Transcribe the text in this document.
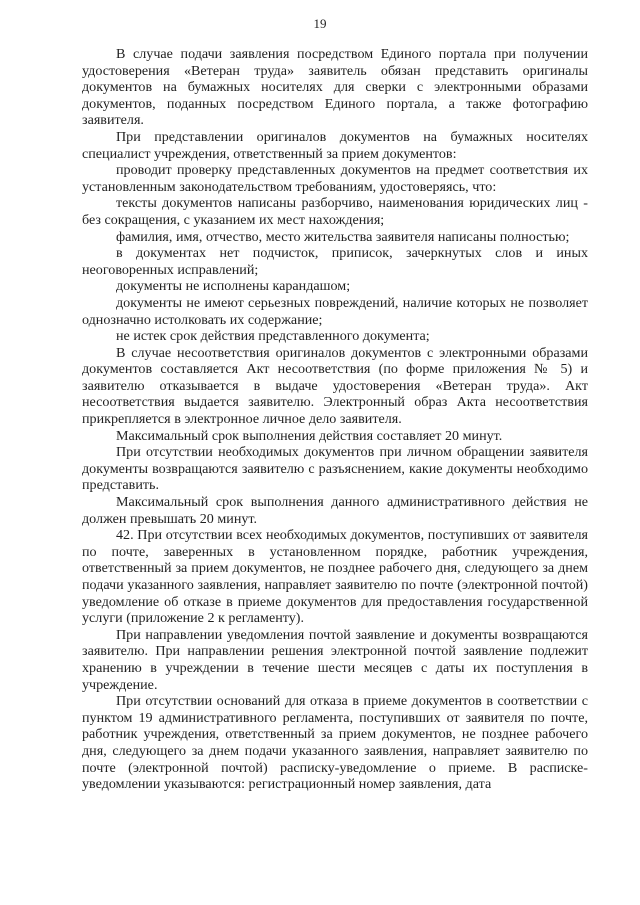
19

В случае подачи заявления посредством Единого портала при получении удостоверения «Ветеран труда» заявитель обязан представить оригиналы документов на бумажных носителях для сверки с электронными образами документов, поданных посредством Единого портала, а также фотографию заявителя.

При представлении оригиналов документов на бумажных носителях специалист учреждения, ответственный за прием документов:

проводит проверку представленных документов на предмет соответствия их установленным законодательством требованиям, удостоверяясь, что:

тексты документов написаны разборчиво, наименования юридических лиц - без сокращения, с указанием их мест нахождения;

фамилия, имя, отчество, место жительства заявителя написаны полностью;

в документах нет подчисток, приписок, зачеркнутых слов и иных неоговоренных исправлений;

документы не исполнены карандашом;

документы не имеют серьезных повреждений, наличие которых не позволяет однозначно истолковать их содержание;

не истек срок действия представленного документа;

В случае несоответствия оригиналов документов с электронными образами документов составляется Акт несоответствия (по форме приложения № 5) и заявителю отказывается в выдаче удостоверения «Ветеран труда». Акт несоответствия выдается заявителю. Электронный образ Акта несоответствия прикрепляется в электронное личное дело заявителя.

Максимальный срок выполнения действия составляет 20 минут.

При отсутствии необходимых документов при личном обращении заявителя документы возвращаются заявителю с разъяснением, какие документы необходимо представить.

Максимальный срок выполнения данного административного действия не должен превышать 20 минут.

42. При отсутствии всех необходимых документов, поступивших от заявителя по почте, заверенных в установленном порядке, работник учреждения, ответственный за прием документов, не позднее рабочего дня, следующего за днем подачи указанного заявления, направляет заявителю по почте (электронной почтой) уведомление об отказе в приеме документов для предоставления государственной услуги (приложение 2 к регламенту).

При направлении уведомления почтой заявление и документы возвращаются заявителю. При направлении решения электронной почтой заявление подлежит хранению в учреждении в течение шести месяцев с даты их поступления в учреждение.

При отсутствии оснований для отказа в приеме документов в соответствии с пунктом 19 административного регламента, поступивших от заявителя по почте, работник учреждения, ответственный за прием документов, не позднее рабочего дня, следующего за днем подачи указанного заявления, направляет заявителю по почте (электронной почтой) расписку-уведомление о приеме. В расписке-уведомлении указываются: регистрационный номер заявления, дата
